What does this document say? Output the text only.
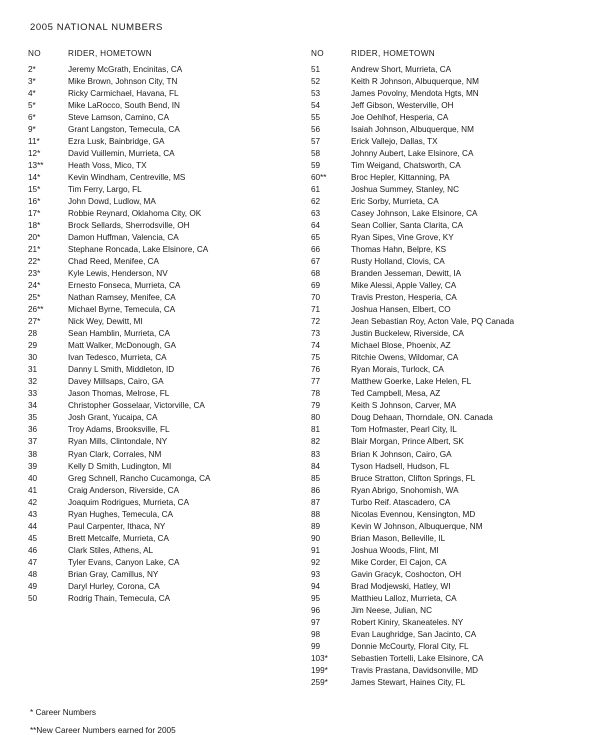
2005 NATIONAL NUMBERS
NO	RIDER, HOMETOWN
2*	Jeremy McGrath, Encinitas, CA
3*	Mike Brown, Johnson City, TN
4*	Ricky Carmichael, Havana, FL
5*	Mike LaRocco, South Bend, IN
6*	Steve Lamson, Camino, CA
9*	Grant Langston, Temecula, CA
11*	Ezra Lusk, Bainbridge, GA
12*	David Vuillemin, Murrieta, CA
13**	Heath Voss, Mico, TX
14*	Kevin Windham, Centreville, MS
15*	Tim Ferry, Largo, FL
16*	John Dowd, Ludlow, MA
17*	Robbie Reynard, Oklahoma City, OK
18*	Brock Sellards, Sherrodsville, OH
20*	Damon Huffman, Valencia, CA
21*	Stephane Roncada, Lake Elsinore, CA
22*	Chad Reed, Menifee, CA
23*	Kyle Lewis, Henderson, NV
24*	Ernesto Fonseca, Murrieta, CA
25*	Nathan Ramsey, Menifee, CA
26**	Michael Byrne, Temecula, CA
27*	Nick Wey, Dewitt, MI
28	Sean Hamblin, Murrieta, CA
29	Matt Walker, McDonough, GA
30	Ivan Tedesco, Murrieta, CA
31	Danny L Smith, Middleton, ID
32	Davey Millsaps, Cairo, GA
33	Jason Thomas, Melrose, FL
34	Christopher Gosselaar, Victorville, CA
35	Josh Grant, Yucaipa, CA
36	Troy Adams, Brooksville, FL
37	Ryan Mills, Clintondale, NY
38	Ryan Clark, Corrales, NM
39	Kelly D Smith, Ludington, MI
40	Greg Schnell, Rancho Cucamonga, CA
41	Craig Anderson, Riverside, CA
42	Joaquim Rodrigues, Murrieta, CA
43	Ryan Hughes, Temecula, CA
44	Paul Carpenter, Ithaca, NY
45	Brett Metcalfe, Murrieta, CA
46	Clark Stiles, Athens, AL
47	Tyler Evans, Canyon Lake, CA
48	Brian Gray, Camillus, NY
49	Daryl Hurley, Corona, CA
50	Rodrig Thain, Temecula, CA
NO	RIDER, HOMETOWN
51	Andrew Short, Murrieta, CA
52	Keith R Johnson, Albuquerque, NM
53	James Povolny, Mendota Hgts, MN
54	Jeff Gibson, Westerville, OH
55	Joe Oehlhof, Hesperia, CA
56	Isaiah Johnson, Albuquerque, NM
57	Erick Vallejo, Dallas, TX
58	Johnny Aubert, Lake Elsinore, CA
59	Tim Weigand, Chatsworth, CA
60**	Broc Hepler, Kittanning, PA
61	Joshua Summey, Stanley, NC
62	Eric Sorby, Murrieta, CA
63	Casey Johnson, Lake Elsinore, CA
64	Sean Collier, Santa Clarita, CA
65	Ryan Sipes, Vine Grove, KY
66	Thomas Hahn, Belpre, KS
67	Rusty Holland, Clovis, CA
68	Branden Jesseman, Dewitt, IA
69	Mike Alessi, Apple Valley, CA
70	Travis Preston, Hesperia, CA
71	Joshua Hansen, Elbert, CO
72	Jean Sebastian Roy, Acton Vale, PQ Canada
73	Justin Buckelew, Riverside, CA
74	Michael Blose, Phoenix, AZ
75	Ritchie Owens, Wildomar, CA
76	Ryan Morais, Turlock, CA
77	Matthew Goerke, Lake Helen, FL
78	Ted Campbell, Mesa, AZ
79	Keith S Johnson, Carver, MA
80	Doug Dehaan, Thorndale, ON. Canada
81	Tom Hofmaster, Pearl City, IL
82	Blair Morgan, Prince Albert, SK
83	Brian K Johnson, Cairo, GA
84	Tyson Hadsell, Hudson, FL
85	Bruce Stratton, Clifton Springs, FL
86	Ryan Abrigo, Snohomish, WA
87	Turbo Reif. Atascadero, CA
88	Nicolas Evennou, Kensington, MD
89	Kevin W Johnson, Albuquerque, NM
90	Brian Mason, Belleville, IL
91	Joshua Woods, Flint, MI
92	Mike Corder, El Cajon, CA
93	Gavin Gracyk, Coshocton, OH
94	Brad Modjewski, Hatley, WI
95	Matthieu Lalloz, Murrieta, CA
96	Jim Neese, Julian, NC
97	Robert Kiniry, Skaneateles. NY
98	Evan Laughridge, San Jacinto, CA
99	Donnie McCourty, Floral City, FL
103*	Sebastien Tortelli, Lake Elsinore, CA
199*	Travis Prastana, Davidsonville, MD
259*	James Stewart, Haines City, FL
* Career Numbers
**New Career Numbers earned for 2005
